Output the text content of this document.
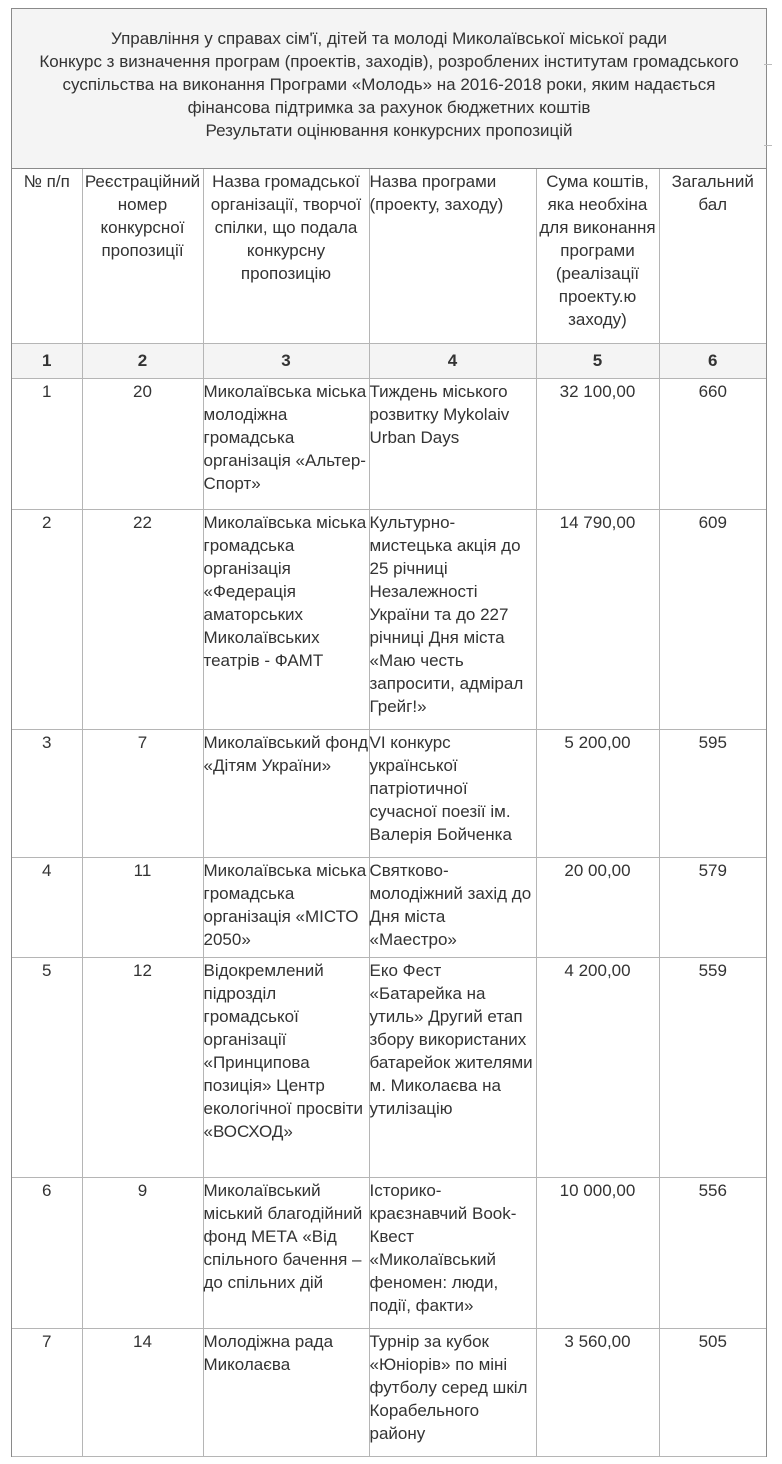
Управління у справах сім'ї, дітей та молоді Миколаївської міської ради
Конкурс з визначення програм (проектів, заходів), розроблених інститутам громадського
суспільства на виконання Програми «Молодь» на 2016-2018 роки, яким надається
фінансова підтримка за рахунок бюджетних коштів
Результати оцінювання конкурсних пропозицій
№ п/п	Реєстраційний номер конкурсної пропозиції	Назва громадської організації, творчої спілки, що подала конкурсну пропозицію	Назва програми (проекту, заходу)	Сума коштів, яка необхіна для виконання програми (реалізації проекту.ю заходу)	Загальний бал
1	2	3	4	5	6
1	20	Миколаївська міська молодіжна громадська організація «Альтер-Спорт»	Тиждень міського розвитку Mykolaiv Urban Days	32 100,00	660
2	22	Миколаївська міська громадська організація «Федерація аматорських Миколаївських театрів - ФАМТ	Культурно-мистецька акція до 25 річниці Незалежності України та до 227 річниці Дня міста «Маю честь запросити, адмірал Грейг!»	14 790,00	609
3	7	Миколаївський фонд «Дітям України»	VI конкурс української патріотичної сучасної поезії ім. Валерія Бойченка	5 200,00	595
4	11	Миколаївська міська громадська організація «МІСТО 2050»	Святково-молодіжний захід до Дня міста «Маестро»	20 00,00	579
5	12	Відокремлений підрозділ громадської організації «Принципова позиція» Центр екологічної просвіти «ВОСХОД»	Еко Фест «Батарейка на утиль» Другий етап збору використаних батарейок жителями м. Миколаєва на утилізацію	4 200,00	559
6	9	Миколаївський міський благодійний фонд МЕТА «Від спільного бачення – до спільних дій	Історико-краєзнавчий Book-Квест «Миколаївський феномен: люди, події, факти»	10 000,00	556
7	14	Молодіжна рада Миколаєва	Турнір за кубок «Юніорів» по міні футболу серед шкіл Корабельного району	3 560,00	505
